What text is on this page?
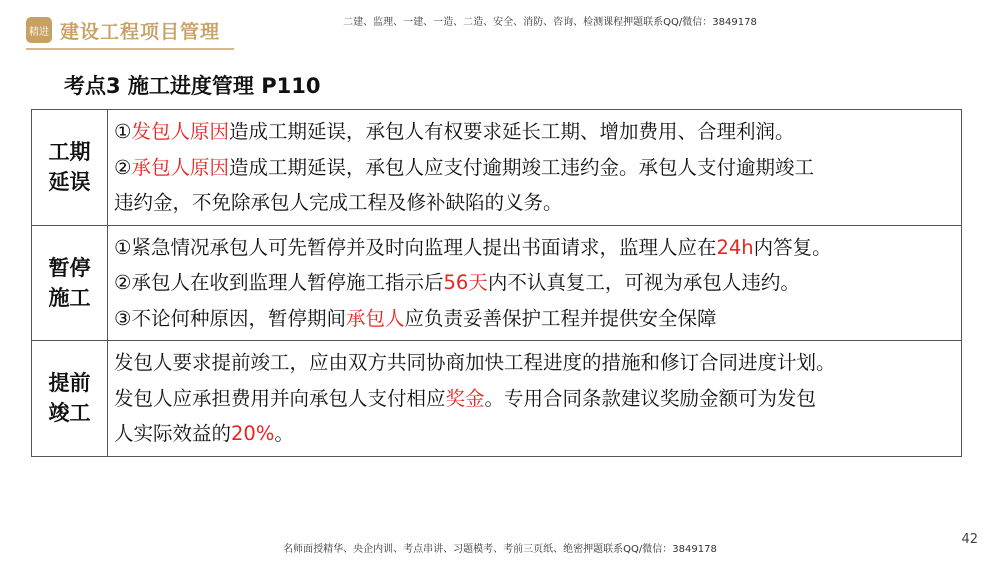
精进 建设工程项目管理	二建、监理、一建、一造、二造、安全、消防、咨询、检测课程押题联系QQ/微信：3849178
考点3 施工进度管理 P110
工期延误	①发包人原因造成工期延误，承包人有权要求延长工期、增加费用、合理利润。
②承包人原因造成工期延误，承包人应支付逾期竣工违约金。承包人支付逾期竣工
违约金，不免除承包人完成工程及修补缺陷的义务。

暂停施工	①紧急情况承包人可先暂停并及时向监理人提出书面请求，监理人应在24h内答复。
②承包人在收到监理人暂停施工指示后56天内不认真复工，可视为承包人违约。
③不论何种原因，暂停期间承包人应负责妥善保护工程并提供安全保障

提前竣工	发包人要求提前竣工，应由双方共同协商加快工程进度的措施和修订合同进度计划。
发包人应承担费用并向承包人支付相应奖金。专用合同条款建议奖励金额可为发包
人实际效益的20%。
42
名师面授精华、央企内训、考点串讲、习题模考、考前三页纸、绝密押题联系QQ/微信：3849178
